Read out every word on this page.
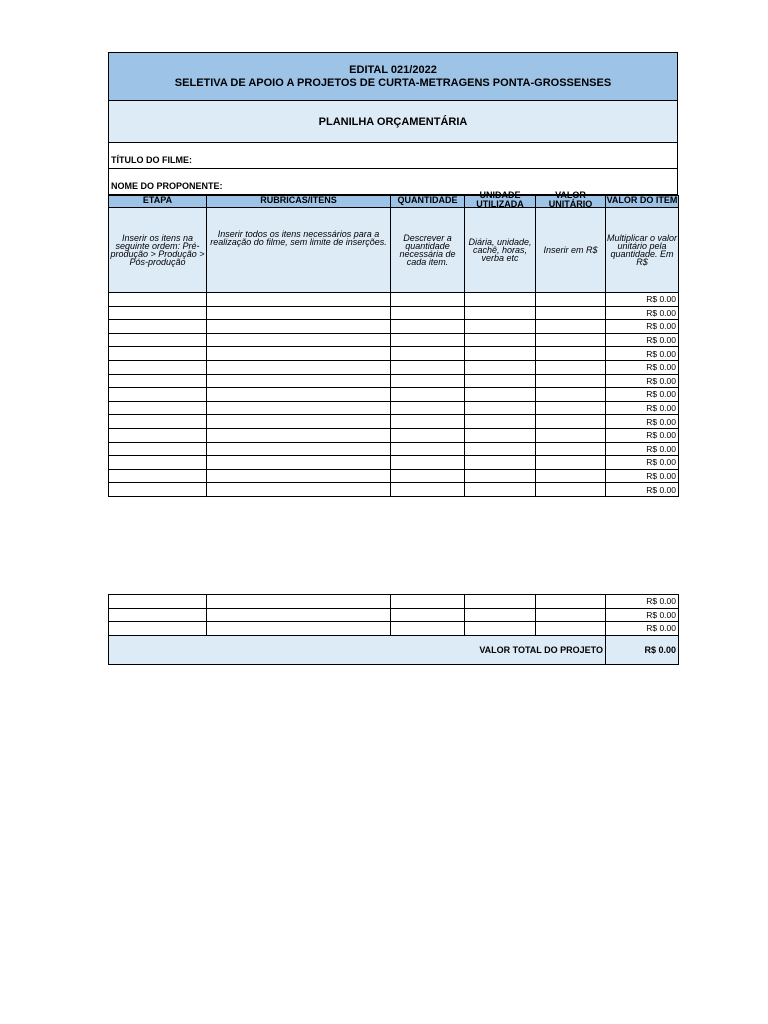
EDITAL 021/2022
SELETIVA DE APOIO A PROJETOS DE CURTA-METRAGENS PONTA-GROSSENSES
PLANILHA ORÇAMENTÁRIA
TÍTULO DO FILME:
NOME DO PROPONENTE:
ETAPA	RUBRICAS/ITENS	QUANTIDADE	UNIDADE UTILIZADA	VALOR UNITÁRIO	VALOR DO ITEM

Inserir os itens na seguinte ordem: Pré-produção > Produção > Pós-produção	Inserir todos os itens necessários para a realização do filme, sem limite de inserções.	Descrever a quantidade necessária de cada item.	Diária, unidade, cachê, horas, verba etc	Inserir em R$	Multiplicar o valor unitário pela quantidade. Em R$
					R$ 0.00
					R$ 0.00
					R$ 0.00
					R$ 0.00
					R$ 0.00
					R$ 0.00
					R$ 0.00
					R$ 0.00
					R$ 0.00
					R$ 0.00
					R$ 0.00
					R$ 0.00
					R$ 0.00
					R$ 0.00
					R$ 0.00
					R$ 0.00
					R$ 0.00
					R$ 0.00
VALOR TOTAL DO PROJETO					R$ 0.00
